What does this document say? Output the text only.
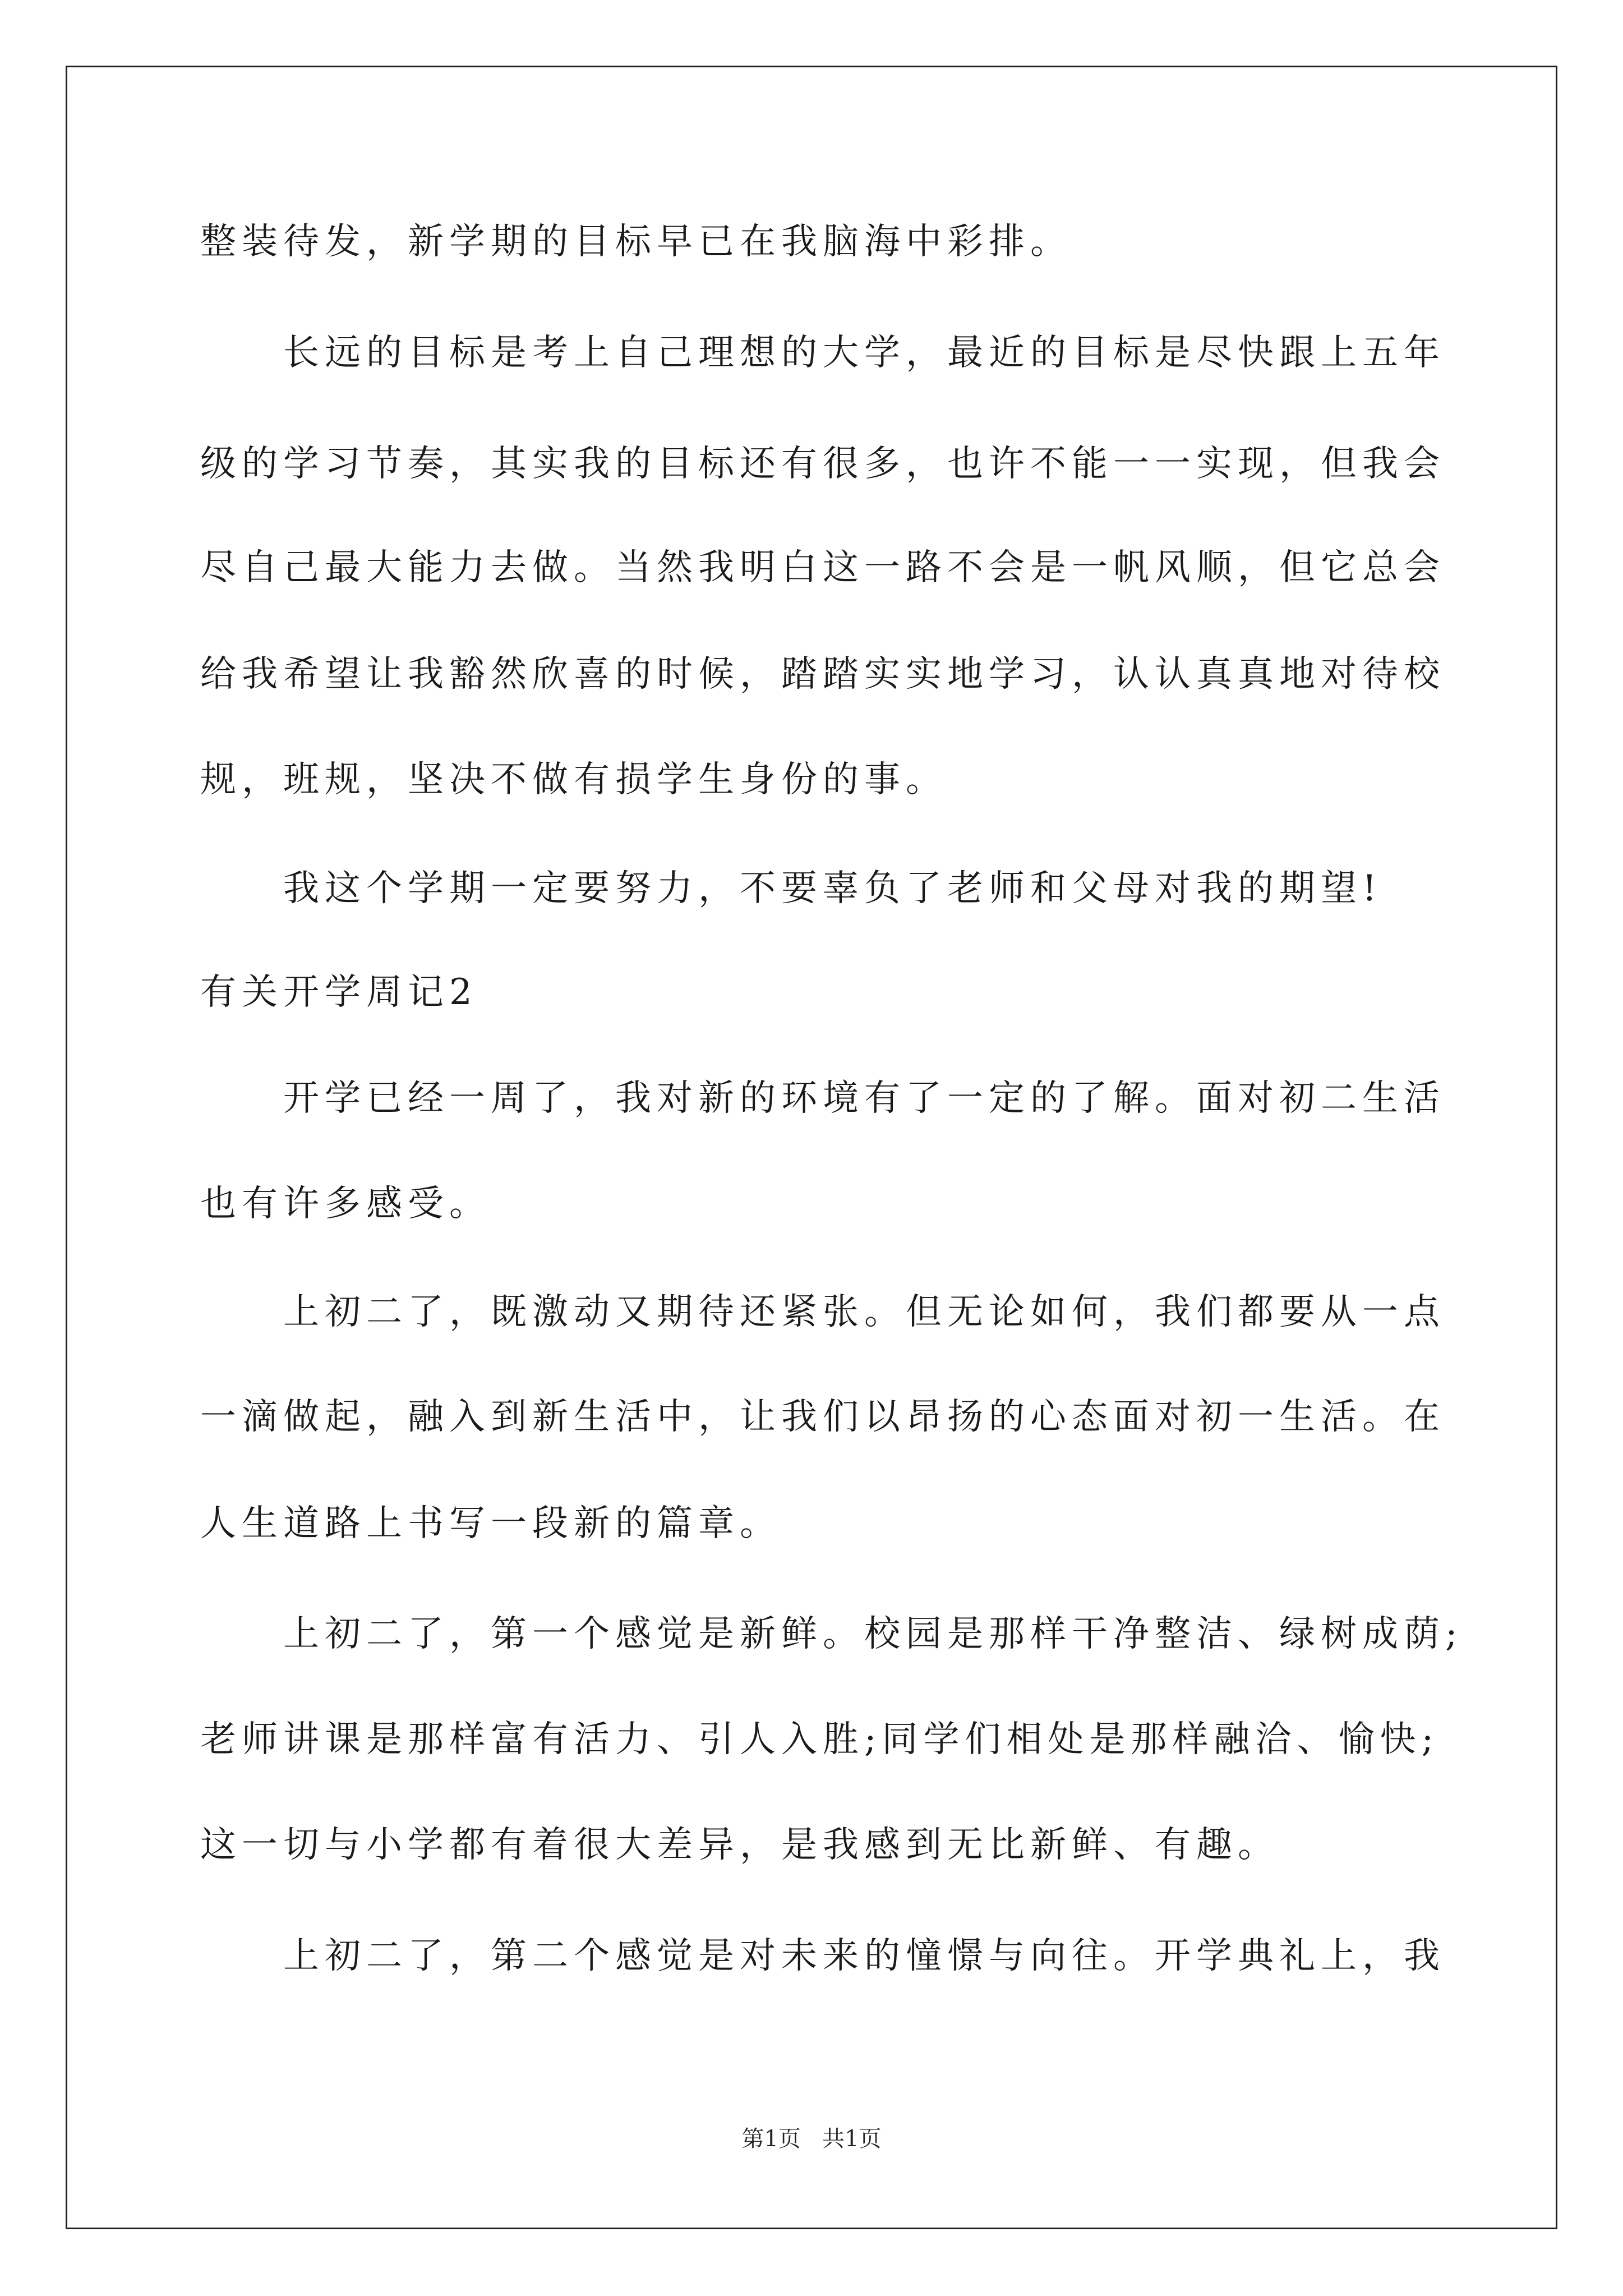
整装待发，新学期的目标早已在我脑海中彩排。
长远的目标是考上自己理想的大学，最近的目标是尽快跟上五年
级的学习节奏，其实我的目标还有很多，也许不能一一实现，但我会
尽自己最大能力去做。当然我明白这一路不会是一帆风顺，但它总会
给我希望让我豁然欣喜的时候，踏踏实实地学习，认认真真地对待校
规，班规，坚决不做有损学生身份的事。
我这个学期一定要努力，不要辜负了老师和父母对我的期望!
有关开学周记2
开学已经一周了，我对新的环境有了一定的了解。面对初二生活
也有许多感受。
上初二了，既激动又期待还紧张。但无论如何，我们都要从一点
一滴做起，融入到新生活中，让我们以昂扬的心态面对初一生活。在
人生道路上书写一段新的篇章。
上初二了，第一个感觉是新鲜。校园是那样干净整洁、绿树成荫;
老师讲课是那样富有活力、引人入胜;同学们相处是那样融洽、愉快;
这一切与小学都有着很大差异，是我感到无比新鲜、有趣。
上初二了，第二个感觉是对未来的憧憬与向往。开学典礼上，我
第1页   共1页
